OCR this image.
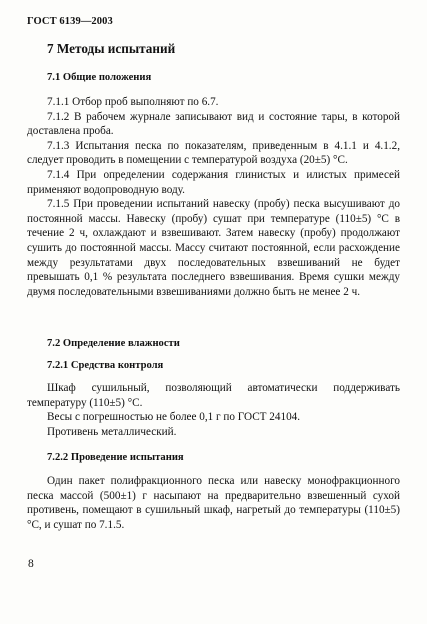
ГОСТ 6139—2003
7 Методы испытаний
7.1 Общие положения

7.1.1 Отбор проб выполняют по 6.7.

7.1.2 В рабочем журнале записывают вид и состояние тары, в которой доставлена проба.

7.1.3 Испытания песка по показателям, приведенным в 4.1.1 и 4.1.2, следует проводить в помещении с температурой воздуха (20±5) °С.

7.1.4 При определении содержания глинистых и илистых примесей применяют водопроводную воду.

7.1.5 При проведении испытаний навеску (пробу) песка высушивают до постоянной массы. Навеску (пробу) сушат при температуре (110±5) °С в течение 2 ч, охлаждают и взвешивают. Затем навеску (пробу) продолжают сушить до постоянной массы. Массу считают постоянной, если расхождение между результатами двух последовательных взвешиваний не будет превышать 0,1 % результата последнего взвешивания. Время сушки между двумя последовательными взвешиваниями должно быть не менее 2 ч.

7.2 Определение влажности
7.2.1 Средства контроля

Шкаф сушильный, позволяющий автоматически поддерживать температуру (110±5) °С.

Весы с погрешностью не более 0,1 г по ГОСТ 24104.

Противень металлический.

7.2.2 Проведение испытания

Один пакет полифракционного песка или навеску монофракционного песка массой (500±1) г насыпают на предварительно взвешенный сухой противень, помещают в сушильный шкаф, нагретый до температуры (110±5) °С, и сушат по 7.1.5.

8
